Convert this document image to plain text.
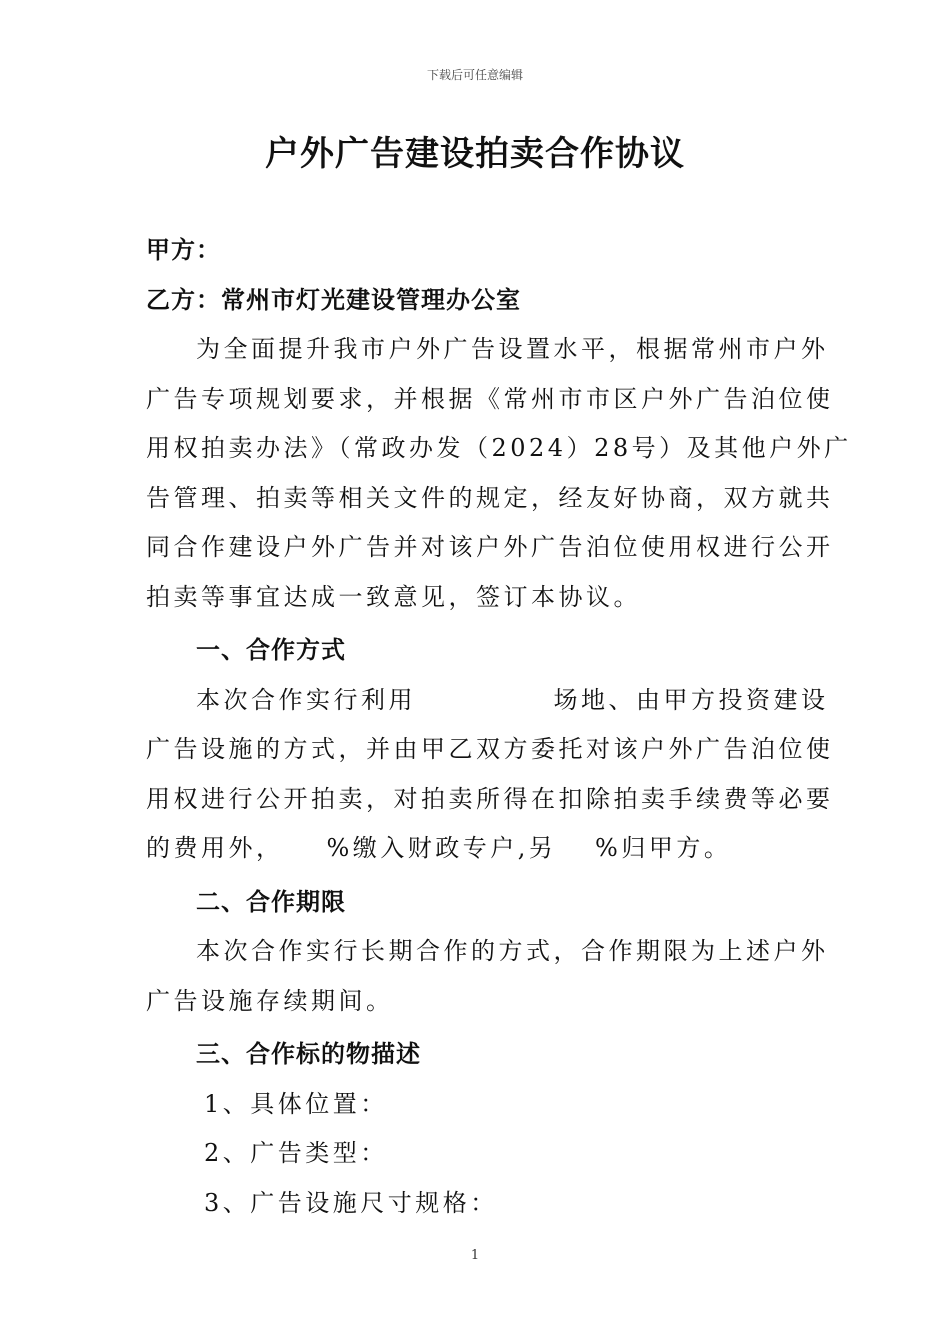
下载后可任意编辑
户外广告建设拍卖合作协议
甲方：
乙方：常州市灯光建设管理办公室
为全面提升我市户外广告设置水平，根据常州市户外
广告专项规划要求，并根据《常州市市区户外广告泊位使
用权拍卖办法》（常政办发（2024）28号）及其他户外广
告管理、拍卖等相关文件的规定，经友好协商，双方就共
同合作建设户外广告并对该户外广告泊位使用权进行公开
拍卖等事宜达成一致意见，签订本协议。
一、合作方式
本次合作实行利用　　　　　场地、由甲方投资建设
广告设施的方式，并由甲乙双方委托对该户外广告泊位使
用权进行公开拍卖，对拍卖所得在扣除拍卖手续费等必要
的费用外，　　%缴入财政专户,另　 %归甲方。
二、合作期限
本次合作实行长期合作的方式，合作期限为上述户外
广告设施存续期间。
三、合作标的物描述
1、具体位置：
2、广告类型：
3、广告设施尺寸规格：
1
